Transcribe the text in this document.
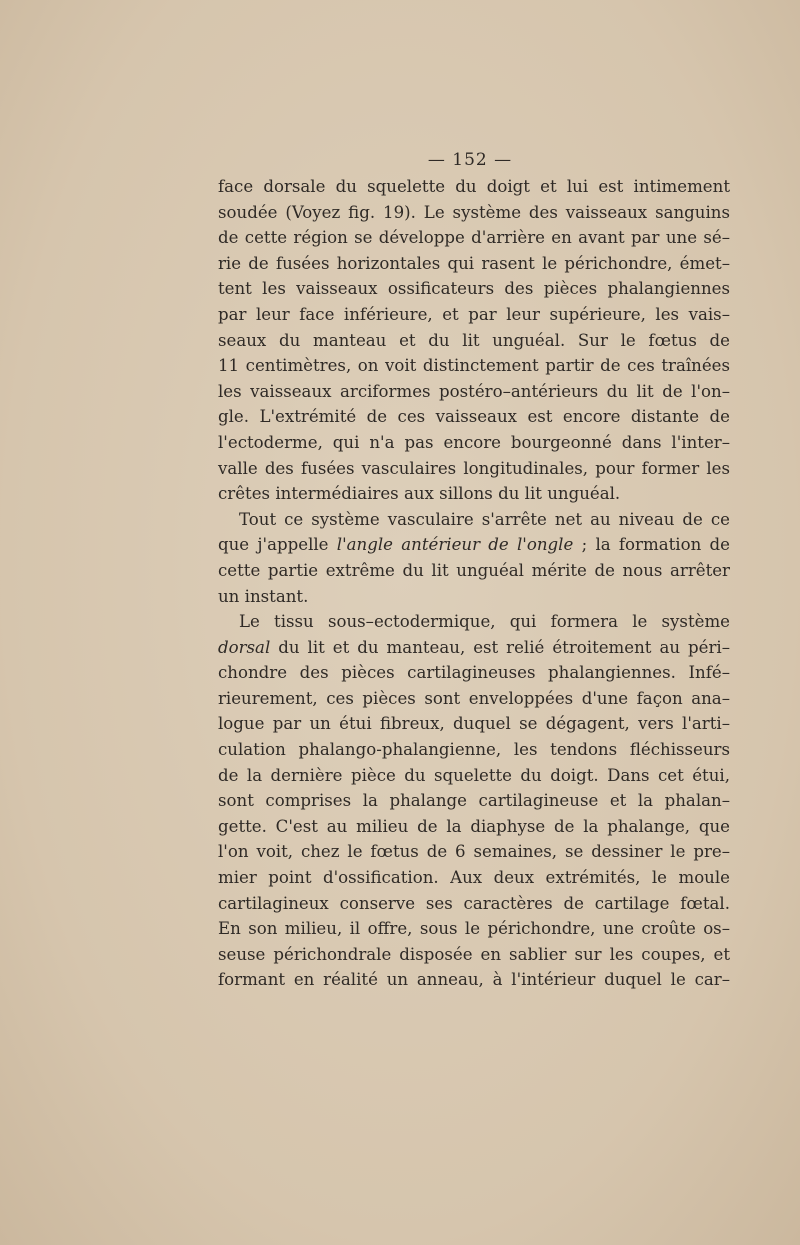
— 152 —

face dorsale du squelette du doigt et lui est intimement
soudée (Voyez fig. 19). Le système des vaisseaux sanguins
de cette région se développe d'arrière en avant par une sé–
rie de fusées horizontales qui rasent le périchondre, émet–
tent les vaisseaux ossificateurs des pièces phalangiennes
par leur face inférieure, et par leur supérieure, les vais–
seaux du manteau et du lit unguéal. Sur le fœtus de
11 centimètres, on voit distinctement partir de ces traînées
les vaisseaux arciformes postéro–antérieurs du lit de l'on–
gle. L'extrémité de ces vaisseaux est encore distante de
l'ectoderme, qui n'a pas encore bourgeonné dans l'inter–
valle des fusées vasculaires longitudinales, pour former les
crêtes intermédiaires aux sillons du lit unguéal.

Tout ce système vasculaire s'arrête net au niveau de ce
que j'appelle l'angle antérieur de l'ongle ; la formation de
cette partie extrême du lit unguéal mérite de nous arrêter
un instant.

Le tissu sous–ectodermique, qui formera le système
dorsal du lit et du manteau, est relié étroitement au péri–
chondre des pièces cartilagineuses phalangiennes. Infé–
rieurement, ces pièces sont enveloppées d'une façon ana–
logue par un étui fibreux, duquel se dégagent, vers l'arti–
culation phalango-phalangienne, les tendons fléchisseurs
de la dernière pièce du squelette du doigt. Dans cet étui,
sont comprises la phalange cartilagineuse et la phalan–
gette. C'est au milieu de la diaphyse de la phalange, que
l'on voit, chez le fœtus de 6 semaines, se dessiner le pre–
mier point d'ossification. Aux deux extrémités, le moule
cartilagineux conserve ses caractères de cartilage fœtal.
En son milieu, il offre, sous le périchondre, une croûte os–
seuse périchondrale disposée en sablier sur les coupes, et
formant en réalité un anneau, à l'intérieur duquel le car–
